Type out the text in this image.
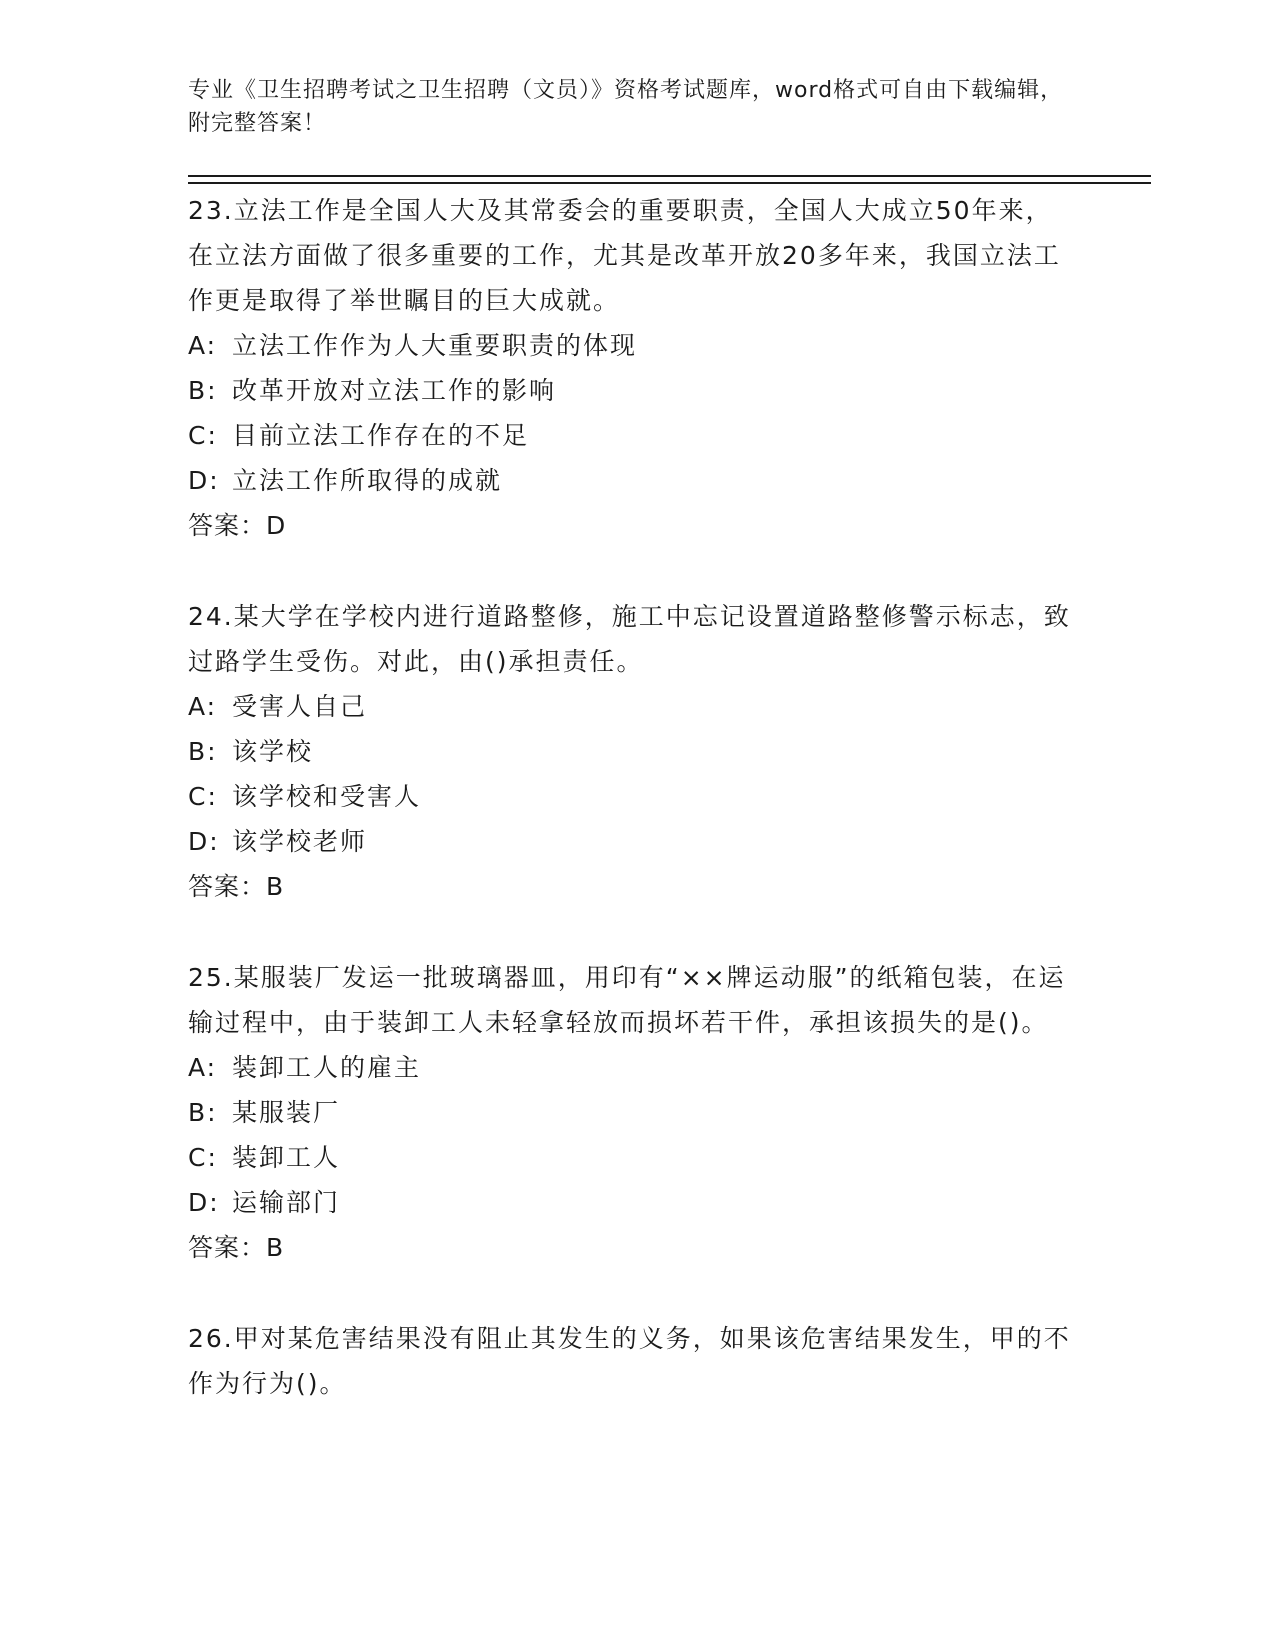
专业《卫生招聘考试之卫生招聘（文员）》资格考试题库，word格式可自由下载编辑，附完整答案！

23.立法工作是全国人大及其常委会的重要职责，全国人大成立50年来，在立法方面做了很多重要的工作，尤其是改革开放20多年来，我国立法工作更是取得了举世瞩目的巨大成就。

A: 立法工作作为人大重要职责的体现

B: 改革开放对立法工作的影响

C: 目前立法工作存在的不足

D: 立法工作所取得的成就

答案：D

24.某大学在学校内进行道路整修，施工中忘记设置道路整修警示标志，致过路学生受伤。对此，由()承担责任。

A: 受害人自己

B: 该学校

C: 该学校和受害人

D: 该学校老师

答案：B

25.某服装厂发运一批玻璃器皿，用印有“××牌运动服”的纸箱包装，在运输过程中，由于装卸工人未轻拿轻放而损坏若干件，承担该损失的是()。

A: 装卸工人的雇主

B: 某服装厂

C: 装卸工人

D: 运输部门

答案：B

26.甲对某危害结果没有阻止其发生的义务，如果该危害结果发生，甲的不作为行为()。
